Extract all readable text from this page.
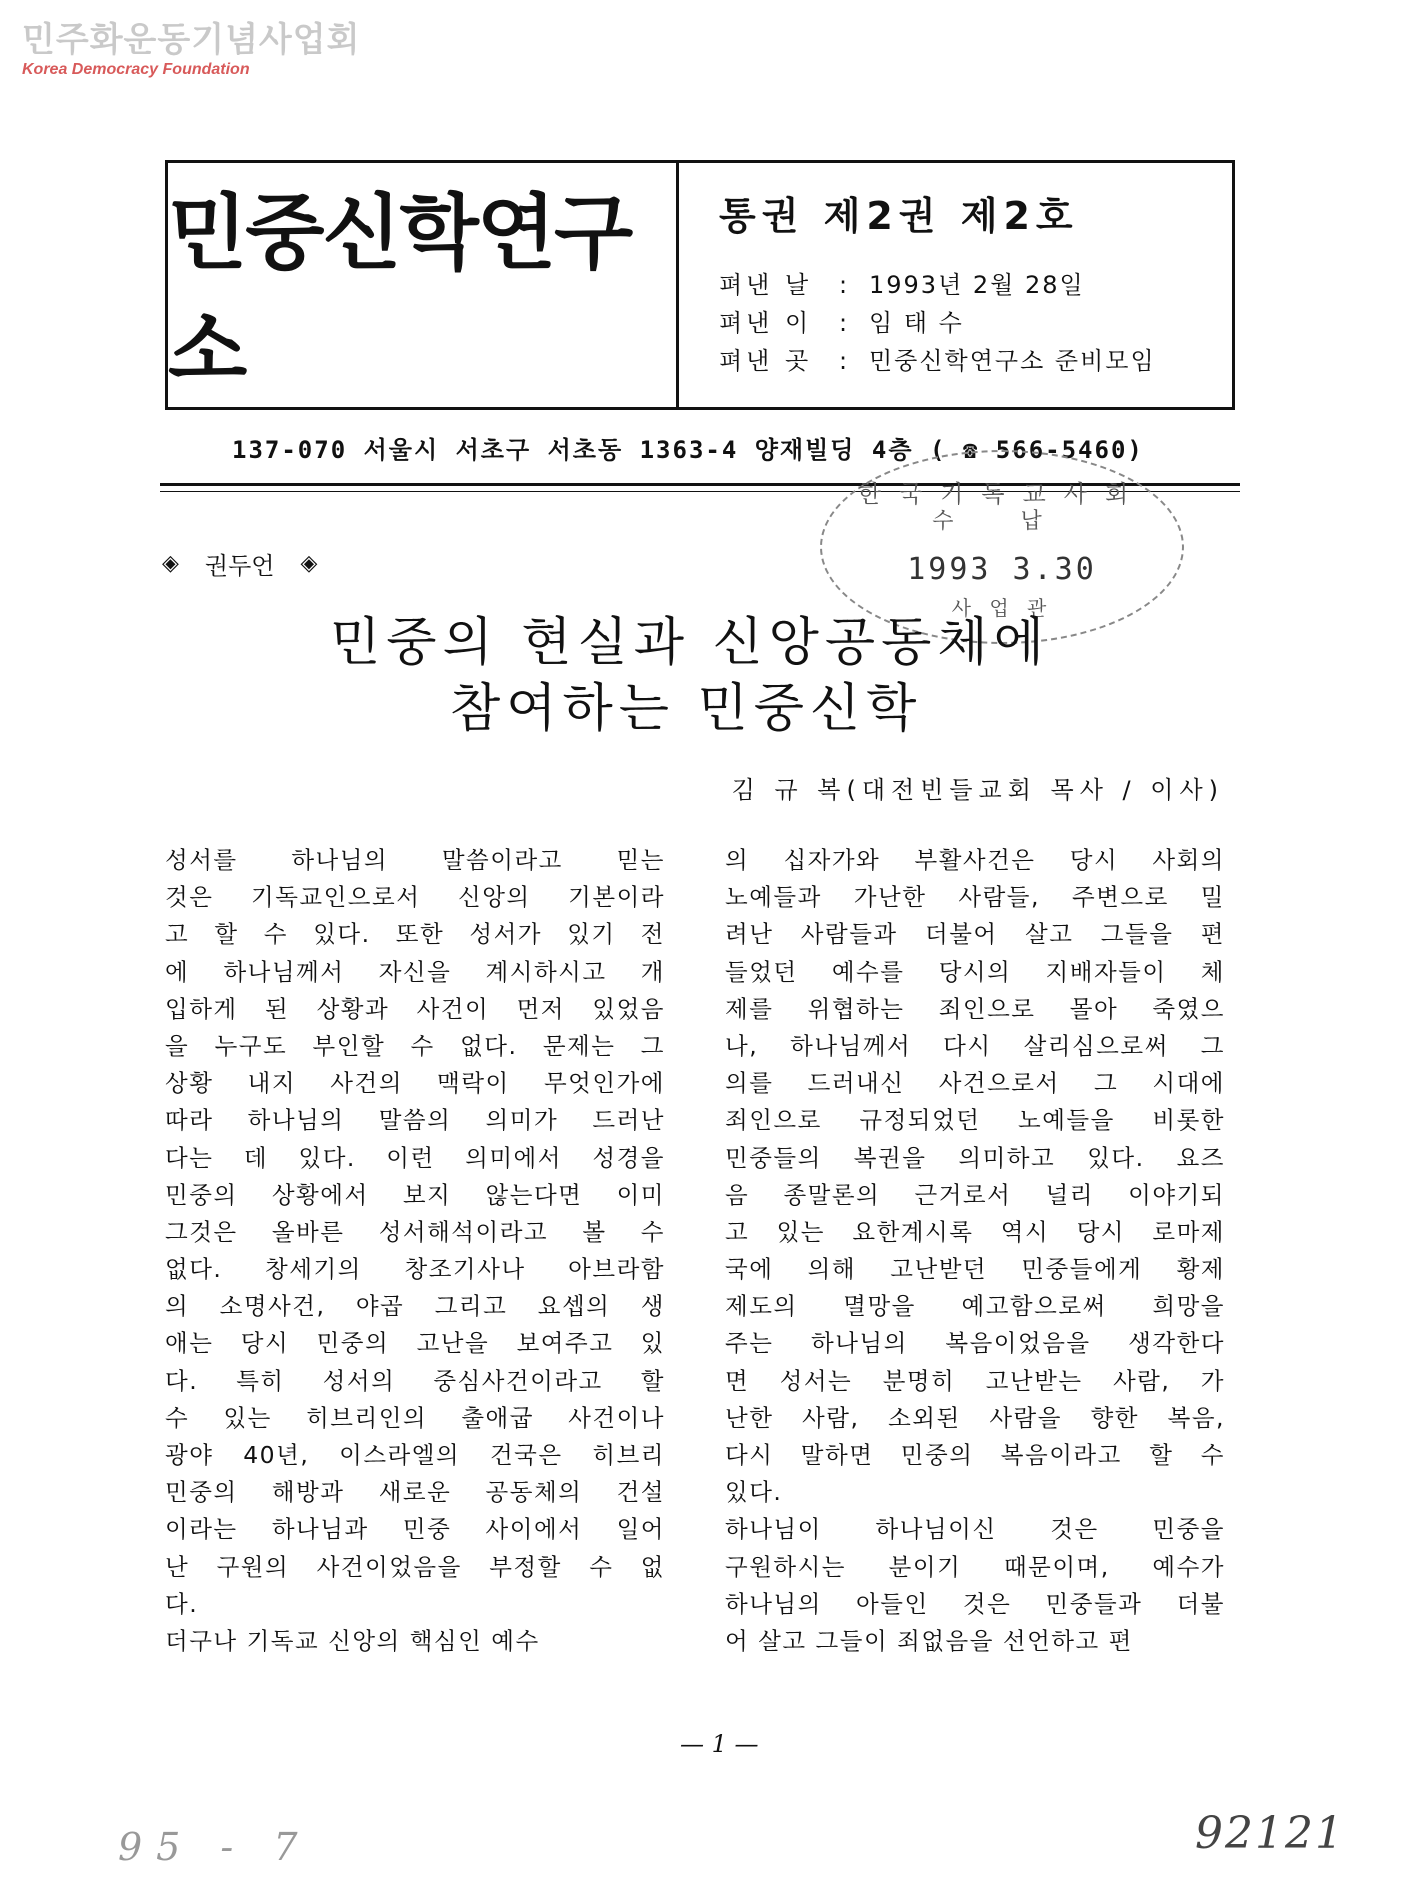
민주화운동기념사업회
Korea Democracy Foundation
민중신학연구소
통권 제2권 제2호
펴낸 날	: 1993년 2월 28일
펴낸 이	: 임 태 수
펴낸 곳	: 민중신학연구소 준비모임
137-070 서울시 서초구 서초동 1363-4 양재빌딩 4층 ( ☎ 566-5460)
한국기독교사회
수 납
1993 3.30
사 업 관
◈ 권두언 ◈
민중의 현실과 신앙공동체에
참여하는 민중신학
김 규 복(대전빈들교회 목사 / 이사)
성서를 하나님의 말씀이라고 믿는
것은 기독교인으로서 신앙의 기본이라
고 할 수 있다. 또한 성서가 있기 전
에 하나님께서 자신을 계시하시고 개
입하게 된 상황과 사건이 먼저 있었음
을 누구도 부인할 수 없다. 문제는 그
상황 내지 사건의 맥락이 무엇인가에
따라 하나님의 말씀의 의미가 드러난
다는 데 있다. 이런 의미에서 성경을
민중의 상황에서 보지 않는다면 이미
그것은 올바른 성서해석이라고 볼 수
없다. 창세기의 창조기사나 아브라함
의 소명사건, 야곱 그리고 요셉의 생
애는 당시 민중의 고난을 보여주고 있
다. 특히 성서의 중심사건이라고 할
수 있는 히브리인의 출애굽 사건이나
광야 40년, 이스라엘의 건국은 히브리
민중의 해방과 새로운 공동체의 건설
이라는 하나님과 민중 사이에서 일어
난 구원의 사건이었음을 부정할 수 없
다.
더구나 기독교 신앙의 핵심인 예수
의 십자가와 부활사건은 당시 사회의
노예들과 가난한 사람들, 주변으로 밀
려난 사람들과 더불어 살고 그들을 편
들었던 예수를 당시의 지배자들이 체
제를 위협하는 죄인으로 몰아 죽였으
나, 하나님께서 다시 살리심으로써 그
의를 드러내신 사건으로서 그 시대에
죄인으로 규정되었던 노예들을 비롯한
민중들의 복권을 의미하고 있다. 요즈
음 종말론의 근거로서 널리 이야기되
고 있는 요한계시록 역시 당시 로마제
국에 의해 고난받던 민중들에게 황제
제도의 멸망을 예고함으로써 희망을
주는 하나님의 복음이었음을 생각한다
면 성서는 분명히 고난받는 사람, 가
난한 사람, 소외된 사람을 향한 복음,
다시 말하면 민중의 복음이라고 할 수
있다.
하나님이 하나님이신 것은 민중을
구원하시는 분이기 때문이며, 예수가
하나님의 아들인 것은 민중들과 더불
어 살고 그들이 죄없음을 선언하고 편
— 1 —
95 - 7	92121
